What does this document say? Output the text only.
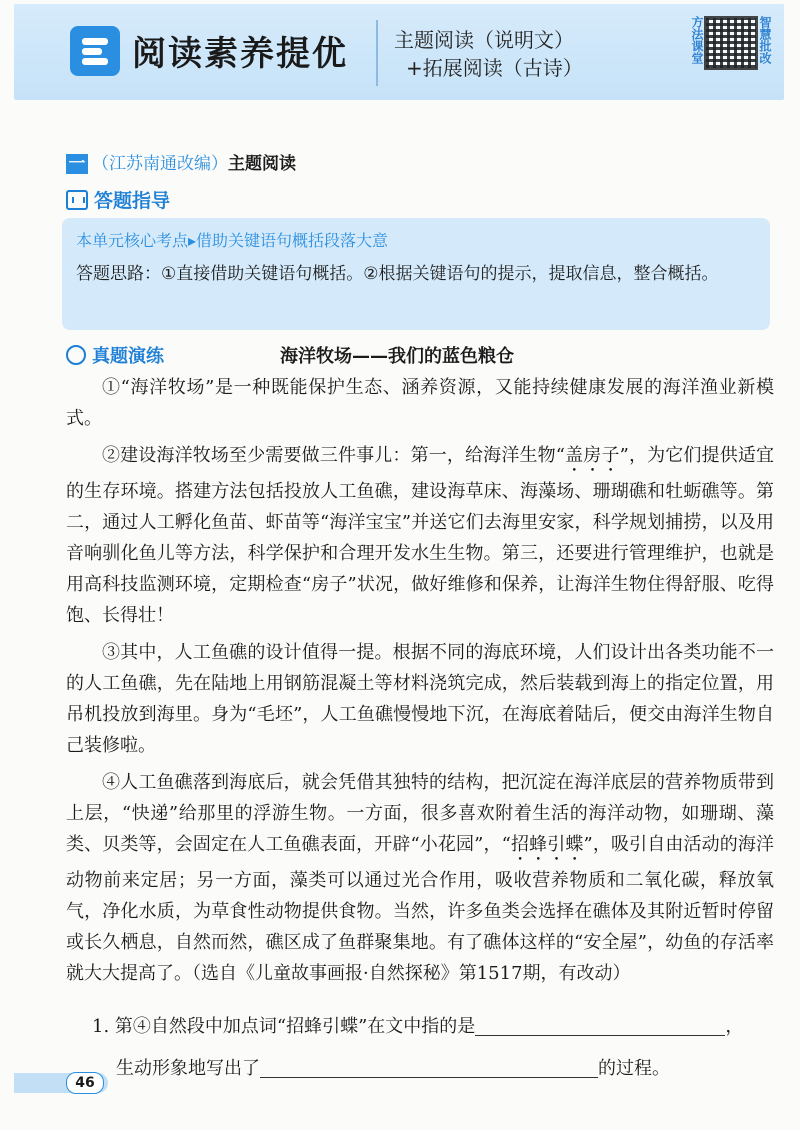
阅读素养提优 主题阅读（说明文）
+拓展阅读（古诗）
方法课堂	智慧批改
一 （江苏南通改编）主题阅读
答题指导
本单元核心考点▸借助关键语句概括段落大意
答题思路：①直接借助关键语句概括。②根据关键语句的提示，提取信息，整合概括。
真题演练	海洋牧场——我们的蓝色粮仓

①“海洋牧场”是一种既能保护生态、涵养资源，又能持续健康发展的海洋渔业新模式。

②建设海洋牧场至少需要做三件事儿：第一，给海洋生物“盖房子”，为它们提供适宜的生存环境。搭建方法包括投放人工鱼礁，建设海草床、海藻场、珊瑚礁和牡蛎礁等。第二，通过人工孵化鱼苗、虾苗等“海洋宝宝”并送它们去海里安家，科学规划捕捞，以及用音响驯化鱼儿等方法，科学保护和合理开发水生生物。第三，还要进行管理维护，也就是用高科技监测环境，定期检查“房子”状况，做好维修和保养，让海洋生物住得舒服、吃得饱、长得壮！

③其中，人工鱼礁的设计值得一提。根据不同的海底环境，人们设计出各类功能不一的人工鱼礁，先在陆地上用钢筋混凝土等材料浇筑完成，然后装载到海上的指定位置，用吊机投放到海里。身为“毛坯”，人工鱼礁慢慢地下沉，在海底着陆后，便交由海洋生物自己装修啦。

④人工鱼礁落到海底后，就会凭借其独特的结构，把沉淀在海洋底层的营养物质带到上层，“快递”给那里的浮游生物。一方面，很多喜欢附着生活的海洋动物，如珊瑚、藻类、贝类等，会固定在人工鱼礁表面，开辟“小花园”，“招蜂引蝶”，吸引自由活动的海洋动物前来定居；另一方面，藻类可以通过光合作用，吸收营养物质和二氧化碳，释放氧气，净化水质，为草食性动物提供食物。当然，许多鱼类会选择在礁体及其附近暂时停留或长久栖息，自然而然，礁区成了鱼群聚集地。有了礁体这样的“安全屋”，幼鱼的存活率就大大提高了。（选自《儿童故事画报·自然探秘》第1517期，有改动）

1. 第④自然段中加点词“招蜂引蝶”在文中指的是	，
生动形象地写出了	的过程。
46
